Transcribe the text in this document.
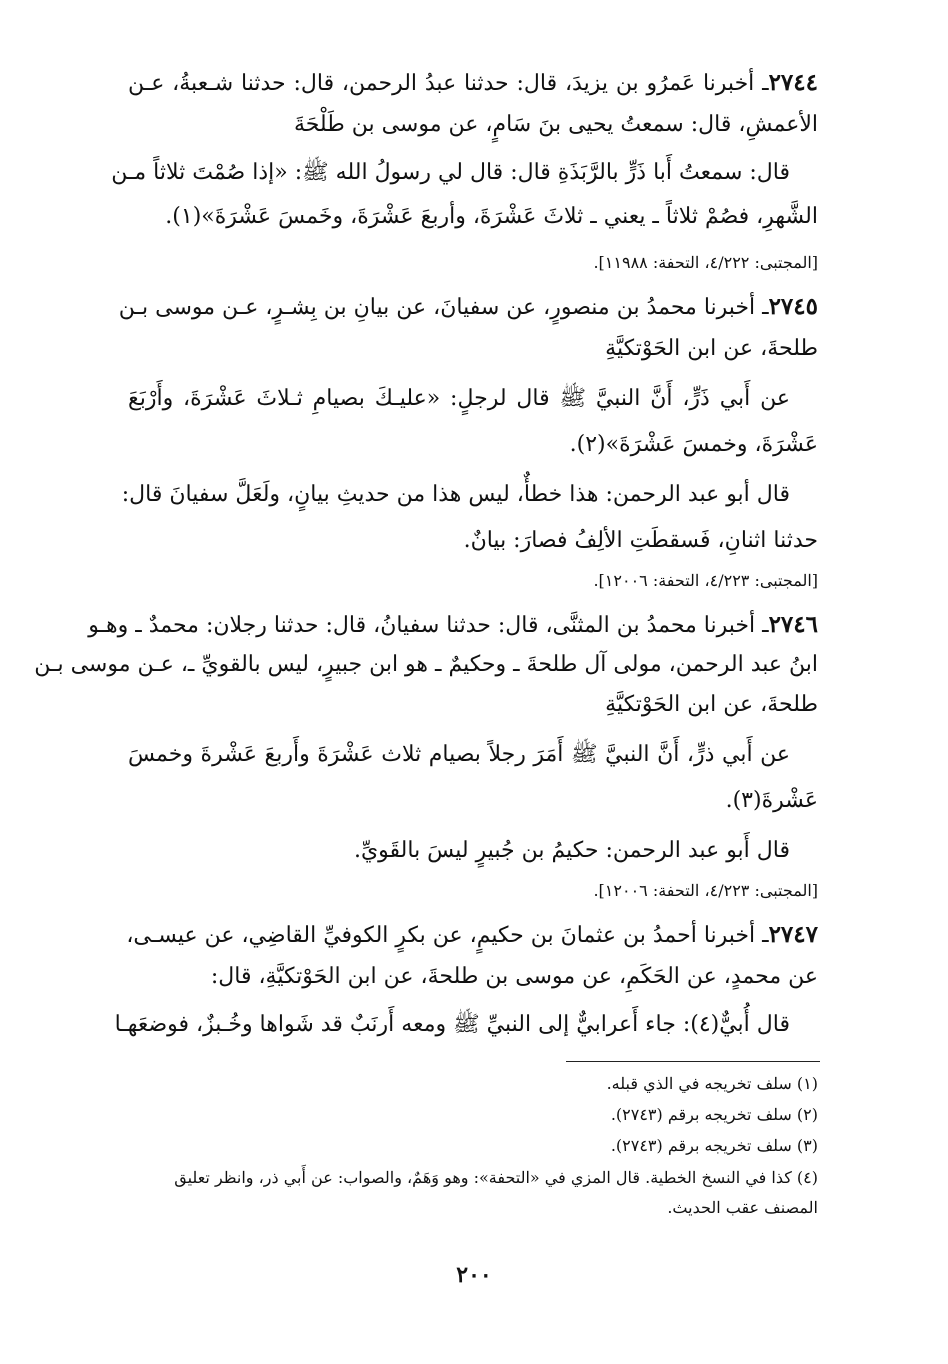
٢٧٤٤ـ أخبرنا عَمرُو بن يزيدَ، قال: حدثنا عبدُ الرحمن، قال: حدثنا شـعبةُ، عـن
الأعمشِ، قال: سمعتُ يحيى بنَ سَامٍ، عن موسى بن طَلْحَةَ
قال: سمعتُ أَبا ذَرٍّ بالرَّبَذَةِ قال: قال لي رسولُ الله ﷺ: «إذا صُمْتَ ثلاثاً مـن
الشَّهرِ، فصُمْ ثلاثاً ـ يعني ـ ثلاثَ عَشْرَةَ، وأربعَ عَشْرَةَ، وخَمسَ عَشْرَةَ»(١).
[المجتبى: ٤/٢٢٢، التحفة: ١١٩٨٨].
٢٧٤٥ـ أخبرنا محمدُ بن منصورٍ، عن سفيانَ، عن بيانِ بن بِشـرٍ، عـن موسى بـن
طلحةَ، عن ابن الحَوْتكيَّةِ
عن أَبي ذَرٍّ، أَنَّ النبيَّ ﷺ قال لرجلٍ: «عليـكَ بصيامِ ثـلاثَ عَشْرَةَ، وأَرْبَعَ
عَشْرَةَ، وخمسَ عَشْرَةَ»(٢).
قال أبو عبد الرحمن: هذا خطأٌ، ليس هذا من حديثِ بيانٍ، ولَعَلَّ سفيانَ قال:
حدثنا اثنانِ، فَسقطَتِ الألِفُ فصارَ: بيانٌ.
[المجتبى: ٤/٢٢٣، التحفة: ١٢٠٠٦].
٢٧٤٦ـ أخبرنا محمدُ بن المثنَّى، قال: حدثنا سفيانُ، قال: حدثنا رجلان: محمدٌ ـ وهـو
ابنُ عبد الرحمن، مولى آل طلحةَ ـ وحكيمٌ ـ هو ابن جبيرٍ، ليس بالقويِّ ـ، عـن موسى بـن
طلحةَ، عن ابن الحَوْتكيَّةِ
عن أَبي ذرٍّ، أَنَّ النبيَّ ﷺ أَمَرَ رجلاً بصيام ثلاث عَشْرَةَ وأَربعَ عَشْرةَ وخمسَ
عَشْرةَ(٣).
قال أَبو عبد الرحمن: حكيمُ بن جُبيرٍ ليسَ بالقَويِّ.
[المجتبى: ٤/٢٢٣، التحفة: ١٢٠٠٦].
٢٧٤٧ـ أخبرنا أحمدُ بن عثمانَ بن حكيمٍ، عن بكرٍ الكوفيِّ القاضِي، عن عيسـى،
عن محمدٍ، عن الحَكَمِ، عن موسى بن طلحةَ، عن ابن الحَوْتكيَّةِ، قال:
قال أُبيٌّ(٤): جاء أَعرابيٌّ إلى النبيِّ ﷺ ومعه أَرنَبٌ قد شَواها وخُـبزٌ، فوضعَهـا
(١) سلف تخريجه في الذي قبله.
(٢) سلف تخريجه برقم (٢٧٤٣).
(٣) سلف تخريجه برقم (٢٧٤٣).
(٤) كذا في النسخ الخطية. قال المزي في «التحفة»: وهو وَهَمٌ، والصواب: عن أَبي ذر، وانظر تعليق
المصنف عقب الحديث.
٢٠٠
